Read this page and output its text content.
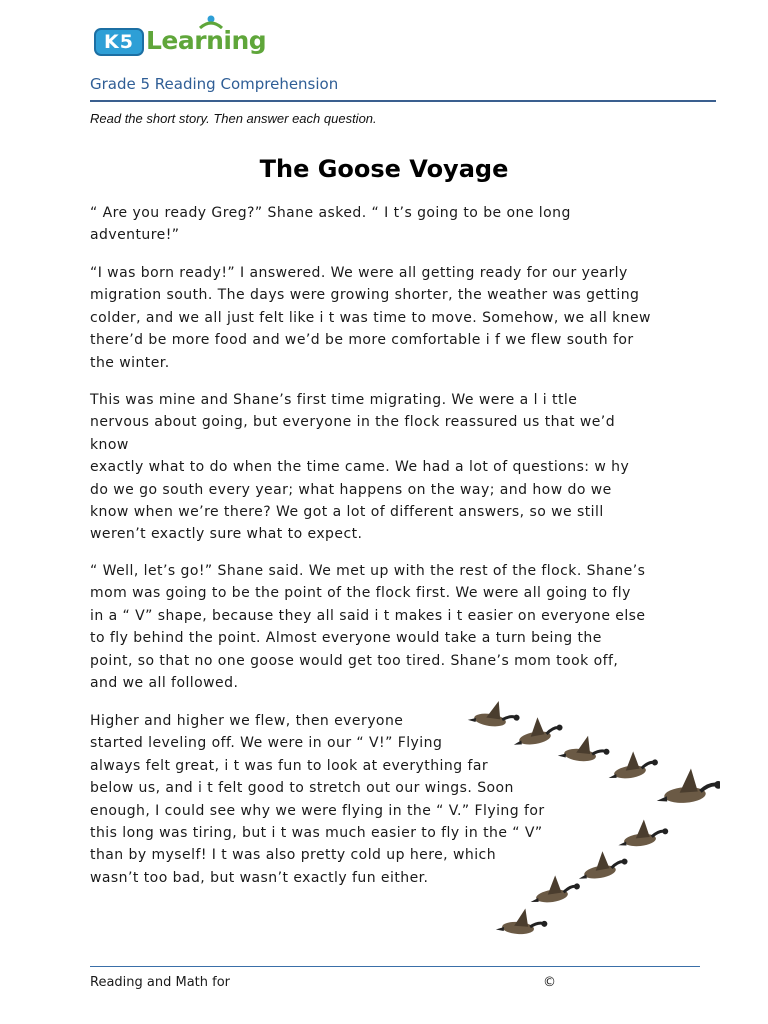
K5 Learning
Grade 5 Reading Comprehension
Read the short story. Then answer each question.
The Goose Voyage

“ Are you ready Greg?” Shane asked. “ I t’s going to be one long
adventure!”

“I was born ready!” I answered. We were all getting ready for our yearly
migration south. The days were growing shorter, the weather was getting
colder, and we all just felt like i t was time to move. Somehow, we all knew
there’d be more food and we’d be more comfortable i f we flew south for
the winter.

This was mine and Shane’s first time migrating. We were a l i ttle
nervous about going, but everyone in the flock reassured us that we’d
know
exactly what to do when the time came. We had a lot of questions: w hy
do we go south every year; what happens on the way; and how do we
know when we’re there? We got a lot of different answers, so we still
weren’t exactly sure what to expect.

“ Well, let’s go!” Shane said. We met up with the rest of the flock. Shane’s
mom was going to be the point of the flock first. We were all going to fly
in a “ V” shape, because they all said i t makes i t easier on everyone else
to fly behind the point. Almost everyone would take a turn being the
point, so that no one goose would get too tired. Shane’s mom took off,
and we all followed.

Higher and higher we flew, then everyone
started leveling off. We were in our “ V!” Flying
always felt great, i t was fun to look at everything far
below us, and i t felt good to stretch out our wings. Soon
enough, I could see why we were flying in the “ V.” Flying for
this long was tiring, but i t was much easier to fly in the “ V”
than by myself! I t was also pretty cold up here, which
wasn’t too bad, but wasn’t exactly fun either.

Reading and Math for	©
